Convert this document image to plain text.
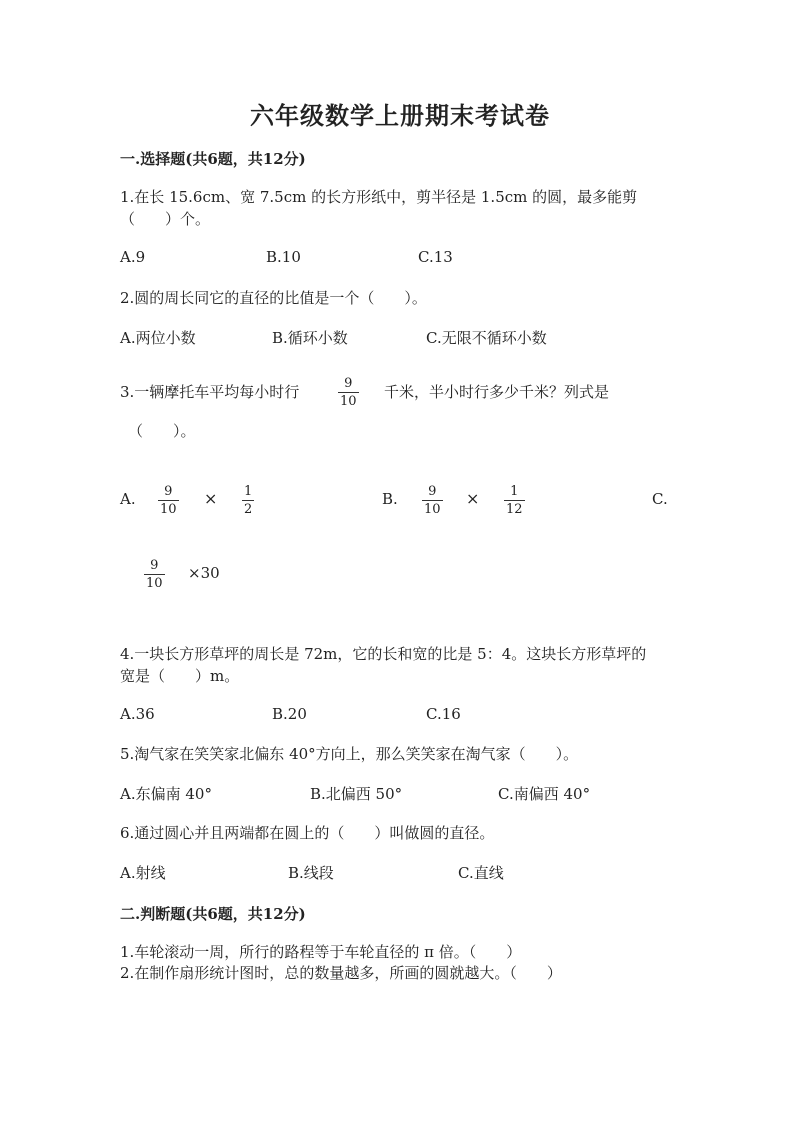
六年级数学上册期末考试卷
一.选择题(共6题，共12分)
1.在长 15.6cm、宽 7.5cm 的长方形纸中，剪半径是 1.5cm 的圆，最多能剪
（　　）个。
A.9	B.10	C.13
2.圆的周长同它的直径的比值是一个（　　）。
A.两位小数	B.循环小数	C.无限不循环小数
3.一辆摩托车平均每小时行	9
10
千米，半小时行多少千米？列式是
（　　）。
A. 9
10
× 1
2
B. 9
10
× 1
12
C.
9
10
×30
4.一块长方形草坪的周长是 72m，它的长和宽的比是 5：4。这块长方形草坪的
宽是（　　）m。
A.36	B.20	C.16
5.淘气家在笑笑家北偏东 40°方向上，那么笑笑家在淘气家（　　）。
A.东偏南 40°	B.北偏西 50°	C.南偏西 40°
6.通过圆心并且两端都在圆上的（　　）叫做圆的直径。
A.射线	B.线段	C.直线
二.判断题(共6题，共12分)
1.车轮滚动一周，所行的路程等于车轮直径的 π 倍。（　　）
2.在制作扇形统计图时，总的数量越多，所画的圆就越大。（　　）
